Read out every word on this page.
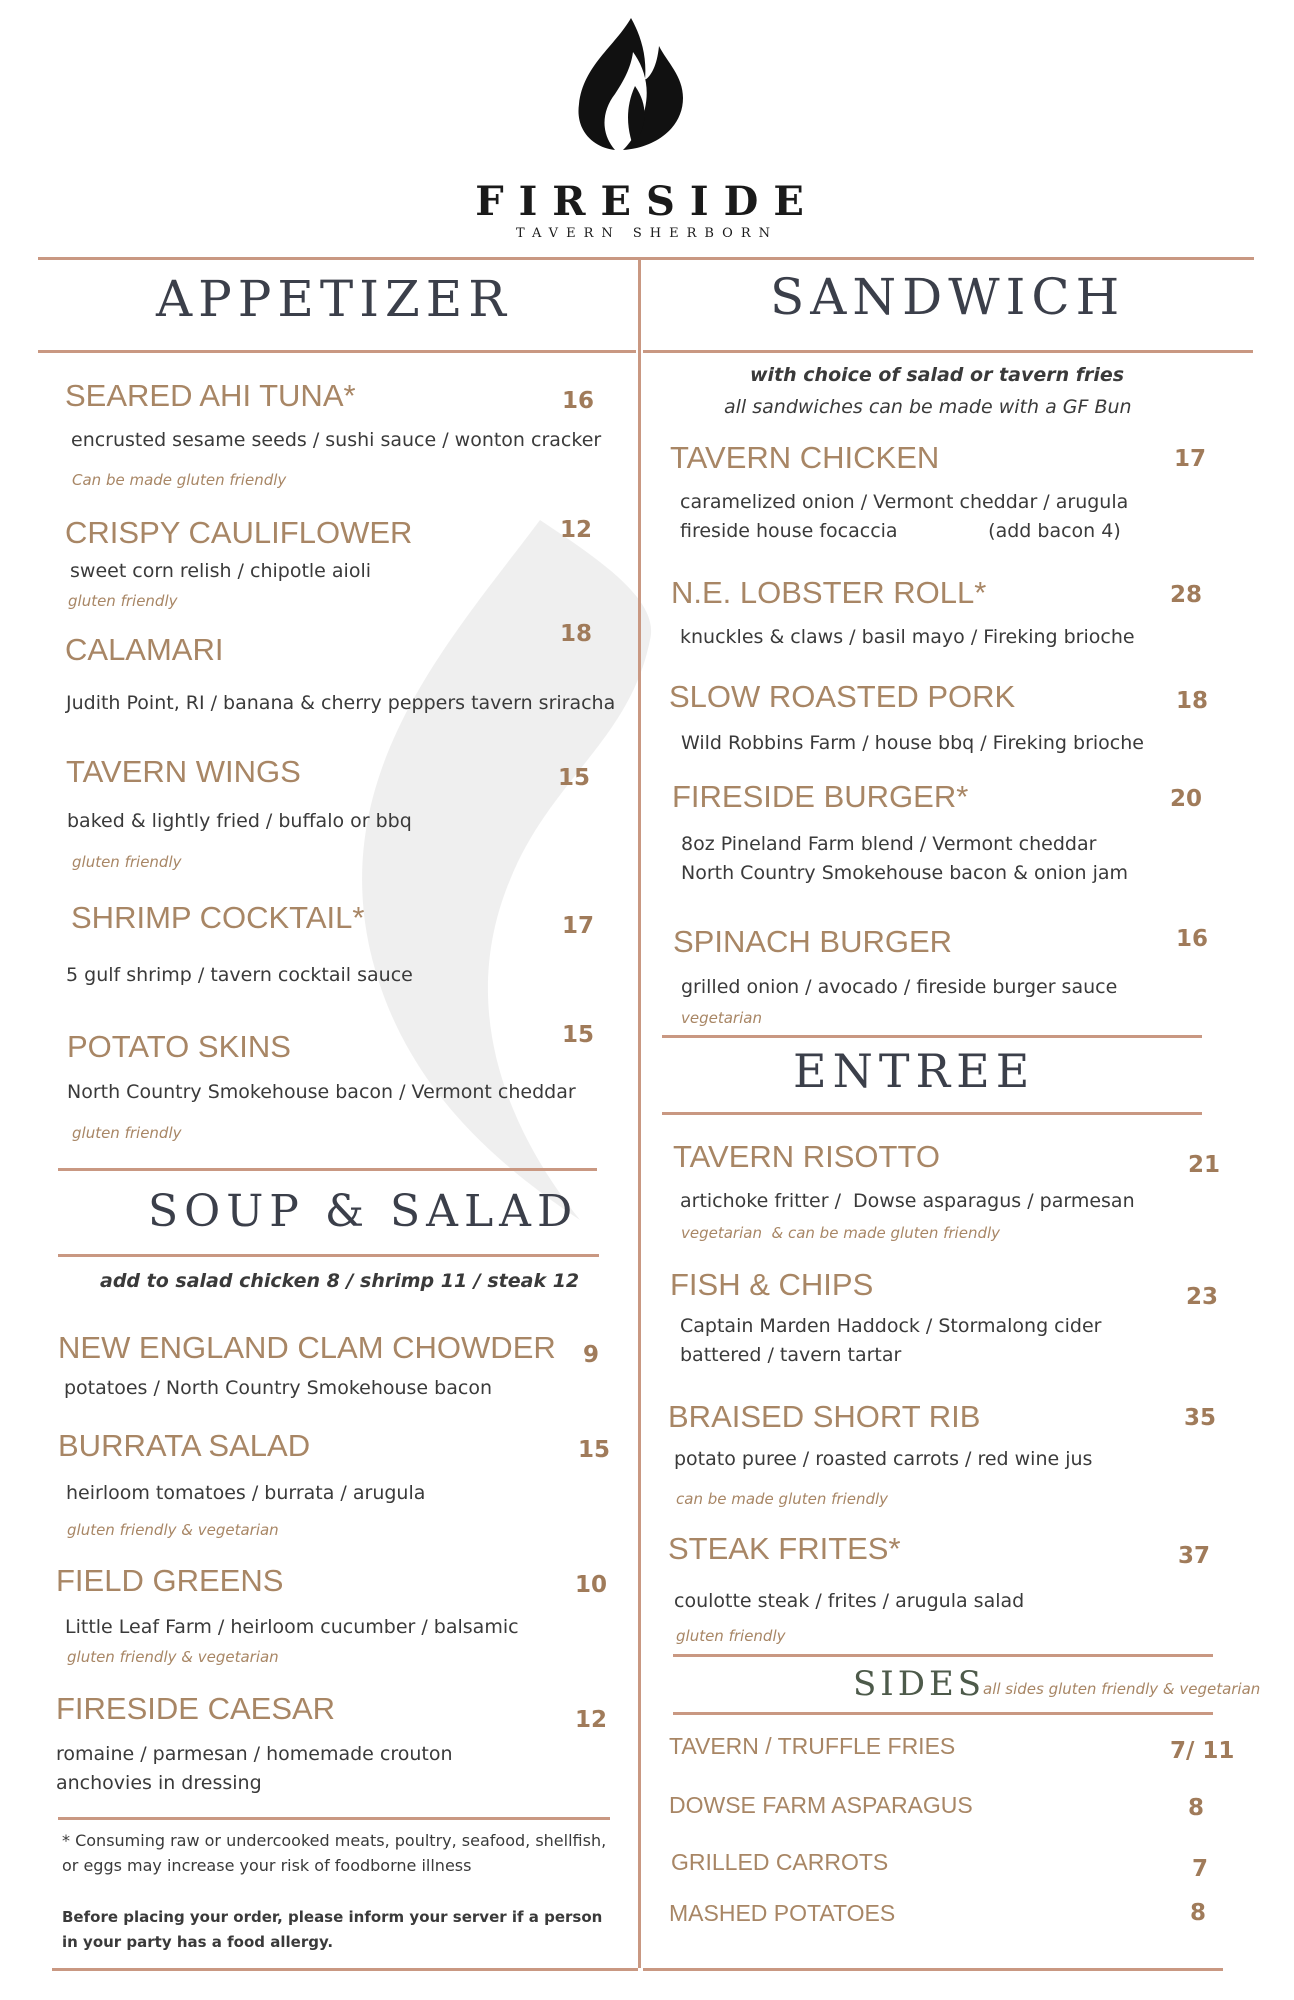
FIRESIDE
TAVERN SHERBORN
APPETIZER
SEARED AHI TUNA*	16
encrusted sesame seeds / sushi sauce / wonton cracker
Can be made gluten friendly
CRISPY CAULIFLOWER	12
sweet corn relish / chipotle aioli
gluten friendly
CALAMARI	18
Judith Point, RI / banana & cherry peppers tavern sriracha
TAVERN WINGS	15
baked & lightly fried / buffalo or bbq
gluten friendly
SHRIMP COCKTAIL*	17
5 gulf shrimp / tavern cocktail sauce
POTATO SKINS	15
North Country Smokehouse bacon / Vermont cheddar
gluten friendly
SOUP & SALAD
add to salad chicken 8 / shrimp 11 / steak 12
NEW ENGLAND CLAM CHOWDER 9
potatoes / North Country Smokehouse bacon
BURRATA SALAD	15
heirloom tomatoes / burrata / arugula
gluten friendly & vegetarian
FIELD GREENS	10
Little Leaf Farm / heirloom cucumber / balsamic
gluten friendly & vegetarian
FIRESIDE CAESAR	12
romaine / parmesan / homemade crouton
anchovies in dressing
* Consuming raw or undercooked meats, poultry, seafood, shellfish,
or eggs may increase your risk of foodborne illness
Before placing your order, please inform your server if a person
in your party has a food allergy.
SANDWICH
with choice of salad or tavern fries
all sandwiches can be made with a GF Bun
TAVERN CHICKEN	17
caramelized onion / Vermont cheddar / arugula
fireside house focaccia               (add bacon 4)
N.E. LOBSTER ROLL*	28
knuckles & claws / basil mayo / Fireking brioche
SLOW ROASTED PORK	18
Wild Robbins Farm / house bbq / Fireking brioche
FIRESIDE BURGER*	20
8oz Pineland Farm blend / Vermont cheddar
North Country Smokehouse bacon & onion jam
SPINACH BURGER	16
grilled onion / avocado / fireside burger sauce
vegetarian
ENTREE
TAVERN RISOTTO	21
artichoke fritter /  Dowse asparagus / parmesan
vegetarian  & can be made gluten friendly
FISH & CHIPS	23
Captain Marden Haddock / Stormalong cider
battered / tavern tartar
BRAISED SHORT RIB	35
potato puree / roasted carrots / red wine jus
can be made gluten friendly
STEAK FRITES*	37
coulotte steak / frites / arugula salad
gluten friendly
SIDES
all sides gluten friendly & vegetarian
TAVERN / TRUFFLE FRIES	7/ 11
DOWSE FARM ASPARAGUS	8
GRILLED CARROTS	7
MASHED POTATOES	8
